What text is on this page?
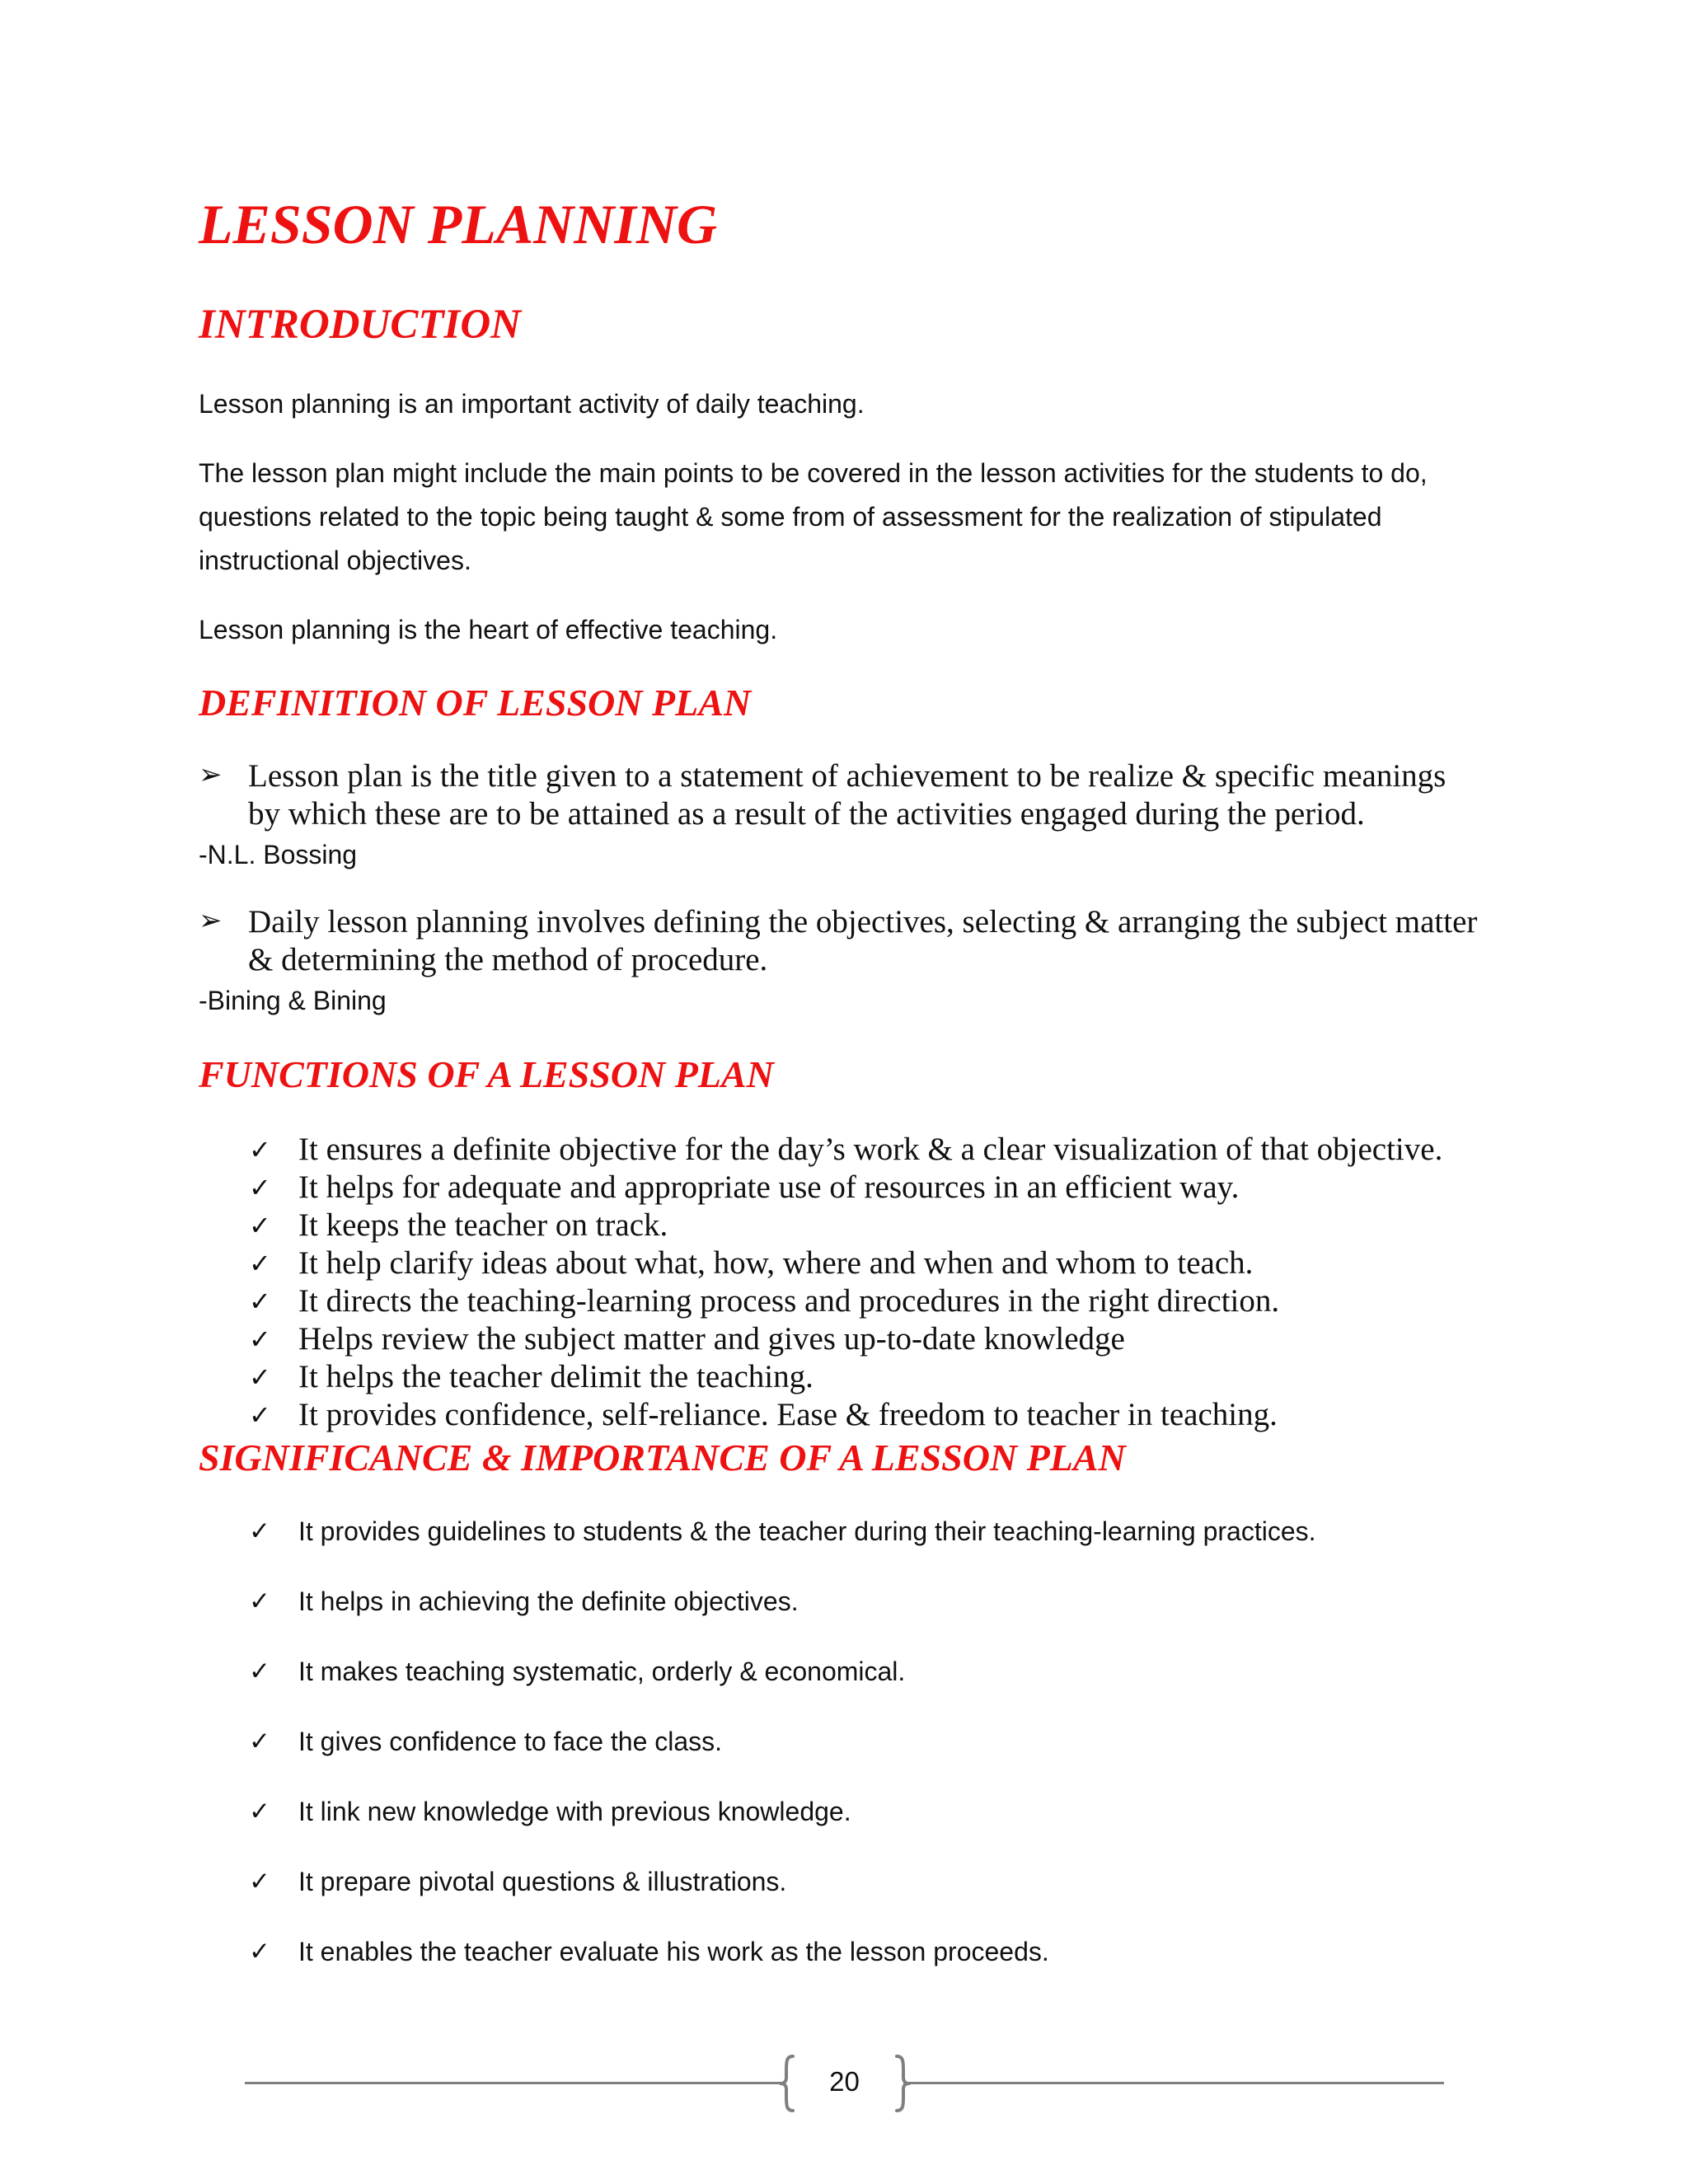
LESSON PLANNING
INTRODUCTION

Lesson planning is an important activity of daily teaching.

The lesson plan might include the main points to be covered in the lesson activities for the students to do, questions related to the topic being taught & some from of assessment for the realization of stipulated instructional objectives.

Lesson planning is the heart of effective teaching.

DEFINITION OF LESSON PLAN
➢ Lesson plan is the title given to a statement of achievement to be realize & specific meanings by which these are to be attained as a result of the activities engaged during the period.

-N.L. Bossing

➢ Daily lesson planning involves defining the objectives, selecting & arranging the subject matter & determining the method of procedure.

-Bining & Bining

FUNCTIONS OF A LESSON PLAN
✓ It ensures a definite objective for the day’s work & a clear visualization of that objective.
✓ It helps for adequate and appropriate use of resources in an efficient way.
✓ It keeps the teacher on track.
✓ It help clarify ideas about what, how, where and when and whom to teach.
✓ It directs the teaching-learning process and procedures in the right direction.
✓ Helps review the subject matter and gives up-to-date knowledge
✓ It helps the teacher delimit the teaching.
✓ It provides confidence, self-reliance. Ease & freedom to teacher in teaching.
SIGNIFICANCE & IMPORTANCE OF A LESSON PLAN
✓	It provides guidelines to students & the teacher during their teaching-learning practices.
✓	It helps in achieving the definite objectives.
✓	It makes teaching systematic, orderly & economical.
✓	It gives confidence to face the class.
✓	It link new knowledge with previous knowledge.
✓	It prepare pivotal questions & illustrations.
✓	It enables the teacher evaluate his work as the lesson proceeds.
20
